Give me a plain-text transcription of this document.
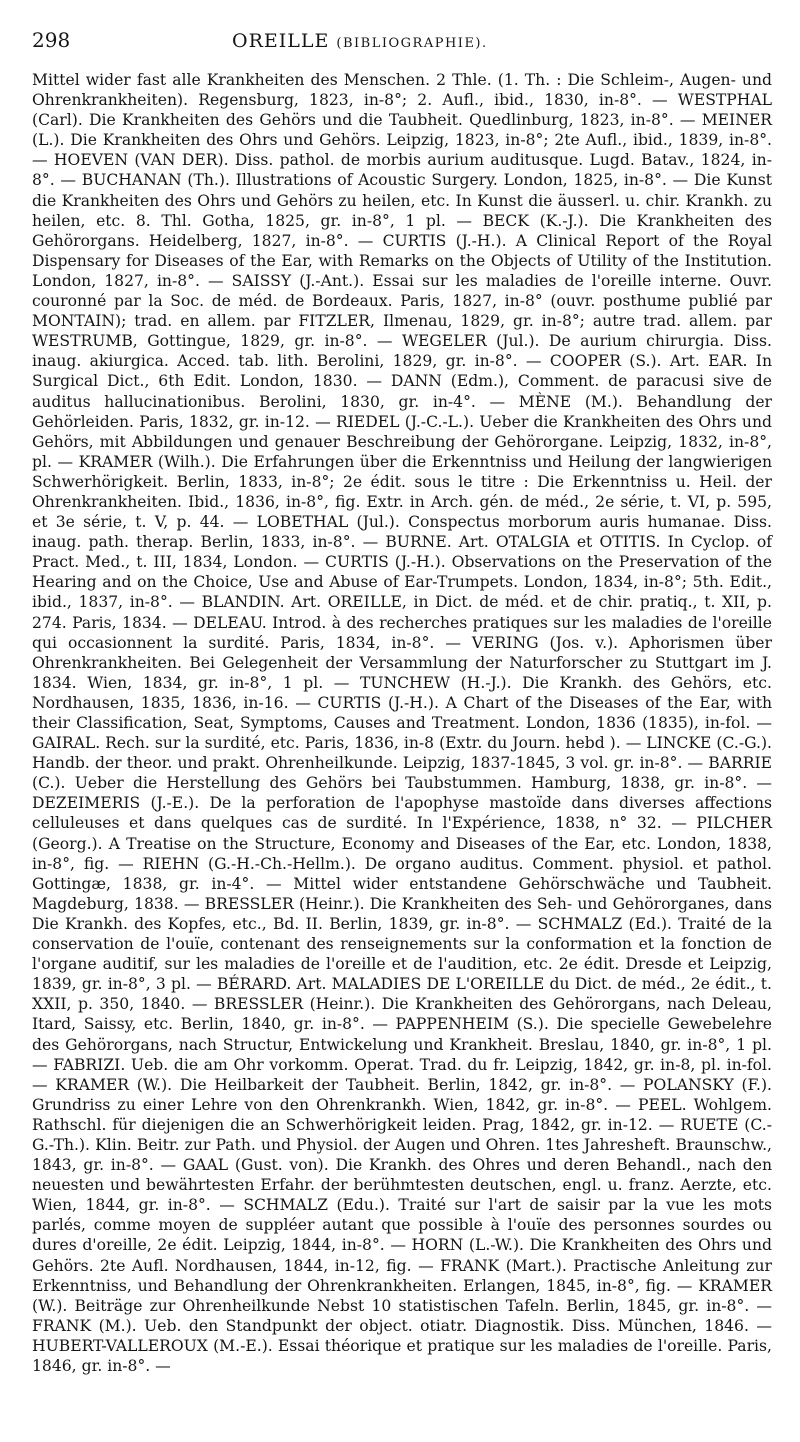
298	OREILLE (BIBLIOGRAPHIE).

Mittel wider fast alle Krankheiten des Menschen. 2 Thle. (1. Th. : Die Schleim-, Augen- und Ohrenkrankheiten). Regensburg, 1823, in-8°; 2. Aufl., ibid., 1830, in-8°. — WESTPHAL (Carl). Die Krankheiten des Gehörs und die Taubheit. Quedlinburg, 1823, in-8°. — MEINER (L.). Die Krankheiten des Ohrs und Gehörs. Leipzig, 1823, in-8°; 2te Aufl., ibid., 1839, in-8°. — HOEVEN (VAN DER). Diss. pathol. de morbis aurium auditusque. Lugd. Batav., 1824, in-8°. — BUCHANAN (Th.). Illustrations of Acoustic Surgery. London, 1825, in-8°. — Die Kunst die Krankheiten des Ohrs und Gehörs zu heilen, etc. In Kunst die äusserl. u. chir. Krankh. zu heilen, etc. 8. Thl. Gotha, 1825, gr. in-8°, 1 pl. — BECK (K.-J.). Die Krankheiten des Gehörorgans. Heidelberg, 1827, in-8°. — CURTIS (J.-H.). A Clinical Report of the Royal Dispensary for Diseases of the Ear, with Remarks on the Objects of Utility of the Institution. London, 1827, in-8°. — SAISSY (J.-Ant.). Essai sur les maladies de l'oreille interne. Ouvr. couronné par la Soc. de méd. de Bordeaux. Paris, 1827, in-8° (ouvr. posthume publié par MONTAIN); trad. en allem. par FITZLER, Ilmenau, 1829, gr. in-8°; autre trad. allem. par WESTRUMB, Gottingue, 1829, gr. in-8°. — WEGELER (Jul.). De aurium chirurgia. Diss. inaug. akiurgica. Acced. tab. lith. Berolini, 1829, gr. in-8°. — COOPER (S.). Art. EAR. In Surgical Dict., 6th Edit. London, 1830. — DANN (Edm.), Comment. de paracusi sive de auditus hallucinationibus. Berolini, 1830, gr. in-4°. — MÈNE (M.). Behandlung der Gehörleiden. Paris, 1832, gr. in-12. — RIEDEL (J.-C.-L.). Ueber die Krankheiten des Ohrs und Gehörs, mit Abbildungen und genauer Beschreibung der Gehörorgane. Leipzig, 1832, in-8°, pl. — KRAMER (Wilh.). Die Erfahrungen über die Erkenntniss und Heilung der langwierigen Schwerhörigkeit. Berlin, 1833, in-8°; 2e édit. sous le titre : Die Erkenntniss u. Heil. der Ohrenkrankheiten. Ibid., 1836, in-8°, fig. Extr. in Arch. gén. de méd., 2e série, t. VI, p. 595, et 3e série, t. V, p. 44. — LOBETHAL (Jul.). Conspectus morborum auris humanae. Diss. inaug. path. therap. Berlin, 1833, in-8°. — BURNE. Art. OTALGIA et OTITIS. In Cyclop. of Pract. Med., t. III, 1834, London. — CURTIS (J.-H.). Observations on the Preservation of the Hearing and on the Choice, Use and Abuse of Ear-Trumpets. London, 1834, in-8°; 5th. Edit., ibid., 1837, in-8°. — BLANDIN. Art. OREILLE, in Dict. de méd. et de chir. pratiq., t. XII, p. 274. Paris, 1834. — DELEAU. Introd. à des recherches pratiques sur les maladies de l'oreille qui occasionnent la surdité. Paris, 1834, in-8°. — VERING (Jos. v.). Aphorismen über Ohrenkrankheiten. Bei Gelegenheit der Versammlung der Naturforscher zu Stuttgart im J. 1834. Wien, 1834, gr. in-8°, 1 pl. — TUNCHEW (H.-J.). Die Krankh. des Gehörs, etc. Nordhausen, 1835, 1836, in-16. — CURTIS (J.-H.). A Chart of the Diseases of the Ear, with their Classification, Seat, Symptoms, Causes and Treatment. London, 1836 (1835), in-fol. — GAIRAL. Rech. sur la surdité, etc. Paris, 1836, in-8 (Extr. du Journ. hebd ). — LINCKE (C.-G.). Handb. der theor. und prakt. Ohrenheilkunde. Leipzig, 1837-1845, 3 vol. gr. in-8°. — BARRIE (C.). Ueber die Herstellung des Gehörs bei Taubstummen. Hamburg, 1838, gr. in-8°. — DEZEIMERIS (J.-E.). De la perforation de l'apophyse mastoïde dans diverses affections celluleuses et dans quelques cas de surdité. In l'Expérience, 1838, n° 32. — PILCHER (Georg.). A Treatise on the Structure, Economy and Diseases of the Ear, etc. London, 1838, in-8°, fig. — RIEHN (G.-H.-Ch.-Hellm.). De organo auditus. Comment. physiol. et pathol. Gottingæ, 1838, gr. in-4°. — Mittel wider entstandene Gehörschwäche und Taubheit. Magdeburg, 1838. — BRESSLER (Heinr.). Die Krankheiten des Seh- und Gehörorganes, dans Die Krankh. des Kopfes, etc., Bd. II. Berlin, 1839, gr. in-8°. — SCHMALZ (Ed.). Traité de la conservation de l'ouïe, contenant des renseignements sur la conformation et la fonction de l'organe auditif, sur les maladies de l'oreille et de l'audition, etc. 2e édit. Dresde et Leipzig, 1839, gr. in-8°, 3 pl. — BÉRARD. Art. MALADIES DE L'OREILLE du Dict. de méd., 2e édit., t. XXII, p. 350, 1840. — BRESSLER (Heinr.). Die Krankheiten des Gehörorgans, nach Deleau, Itard, Saissy, etc. Berlin, 1840, gr. in-8°. — PAPPENHEIM (S.). Die specielle Gewebelehre des Gehörorgans, nach Structur, Entwickelung und Krankheit. Breslau, 1840, gr. in-8°, 1 pl. — FABRIZI. Ueb. die am Ohr vorkomm. Operat. Trad. du fr. Leipzig, 1842, gr. in-8, pl. in-fol. — KRAMER (W.). Die Heilbarkeit der Taubheit. Berlin, 1842, gr. in-8°. — POLANSKY (F.). Grundriss zu einer Lehre von den Ohrenkrankh. Wien, 1842, gr. in-8°. — PEEL. Wohlgem. Rathschl. für diejenigen die an Schwerhörigkeit leiden. Prag, 1842, gr. in-12. — RUETE (C.-G.-Th.). Klin. Beitr. zur Path. und Physiol. der Augen und Ohren. 1tes Jahresheft. Braunschw., 1843, gr. in-8°. — GAAL (Gust. von). Die Krankh. des Ohres und deren Behandl., nach den neuesten und bewährtesten Erfahr. der berühmtesten deutschen, engl. u. franz. Aerzte, etc. Wien, 1844, gr. in-8°. — SCHMALZ (Edu.). Traité sur l'art de saisir par la vue les mots parlés, comme moyen de suppléer autant que possible à l'ouïe des personnes sourdes ou dures d'oreille, 2e édit. Leipzig, 1844, in-8°. — HORN (L.-W.). Die Krankheiten des Ohrs und Gehörs. 2te Aufl. Nordhausen, 1844, in-12, fig. — FRANK (Mart.). Practische Anleitung zur Erkenntniss, und Behandlung der Ohrenkrankheiten. Erlangen, 1845, in-8°, fig. — KRAMER (W.). Beiträge zur Ohrenheilkunde Nebst 10 statistischen Tafeln. Berlin, 1845, gr. in-8°. — FRANK (M.). Ueb. den Standpunkt der object. otiatr. Diagnostik. Diss. München, 1846. — HUBERT-VALLEROUX (M.-E.). Essai théorique et pratique sur les maladies de l'oreille. Paris, 1846, gr. in-8°. —
